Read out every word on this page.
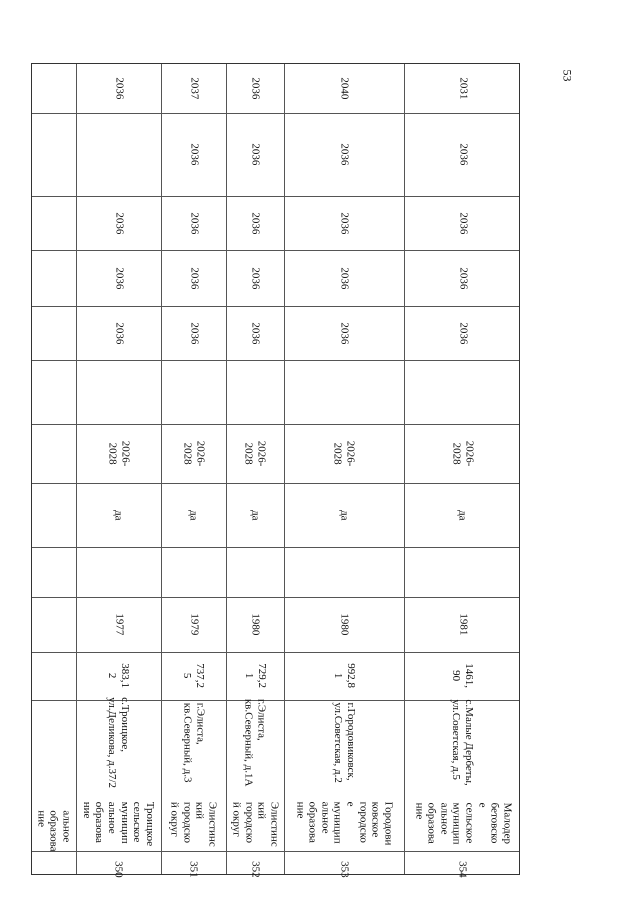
53
альное
образова
ние
2036
2036
2036
2036
2026-
2028
да
1977
383,1
2
с.Троицкое,
ул.Деликова, д.37/2
Троицкое
сельское
муницип
альное
образова
ние
350
2037
2036
2036
2036
2036
2026-
2028
да
1979
737,2
5
г.Элиста,
кв.Северный, д.3
Элистинс
кий
городско
й округ
351
2036
2036
2036
2036
2036
2026-
2028
да
1980
729,2
1
г.Элиста,
кв.Северный, д.1А
Элистинс
кий
городско
й округ
352
2040
2036
2036
2036
2036
2026-
2028
да
1980
992,8
1
г.Городовиковск,
ул.Советская, д.2
Городови
ковское
городско
е
муницип
альное
образова
ние
353
2031
2036
2036
2036
2036
2026-
2028
да
1981
1461,
90
с.Малые Дербеты,
ул.Советская, д.5
Малодер
бетовско
е
сельское
муницип
альное
образова
ние
354
